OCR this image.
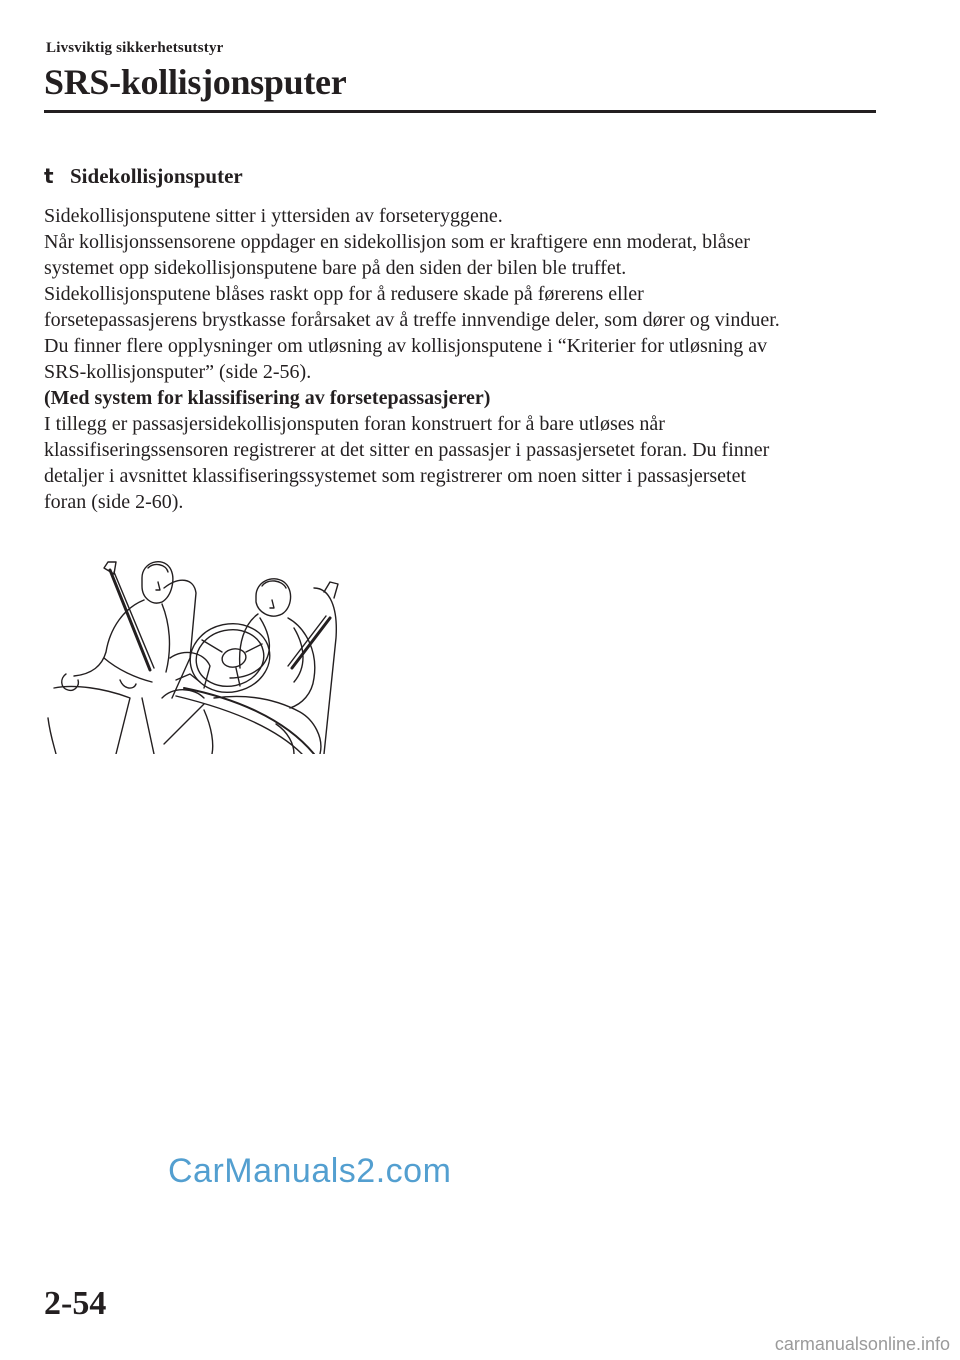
Livsviktig sikkerhetsutstyr
SRS-kollisjonsputer
t Sidekollisjonsputer
Sidekollisjonsputene sitter i yttersiden av forseteryggene.
Når kollisjonssensorene oppdager en sidekollisjon som er kraftigere enn moderat, blåser
systemet opp sidekollisjonsputene bare på den siden der bilen ble truffet.
Sidekollisjonsputene blåses raskt opp for å redusere skade på førerens eller
forsetepassasjerens brystkasse forårsaket av å treffe innvendige deler, som dører og vinduer.
Du finner flere opplysninger om utløsning av kollisjonsputene i “Kriterier for utløsning av
SRS-kollisjonsputer” (side 2-56).
(Med system for klassifisering av forsetepassasjerer)
I tillegg er passasjersidekollisjonsputen foran konstruert for å bare utløses når
klassifiseringssensoren registrerer at det sitter en passasjer i passasjersetet foran. Du finner
detaljer i avsnittet klassifiseringssystemet som registrerer om noen sitter i passasjersetet
foran (side 2-60).
CarManuals2.com
2-54
carmanualsonline.info
